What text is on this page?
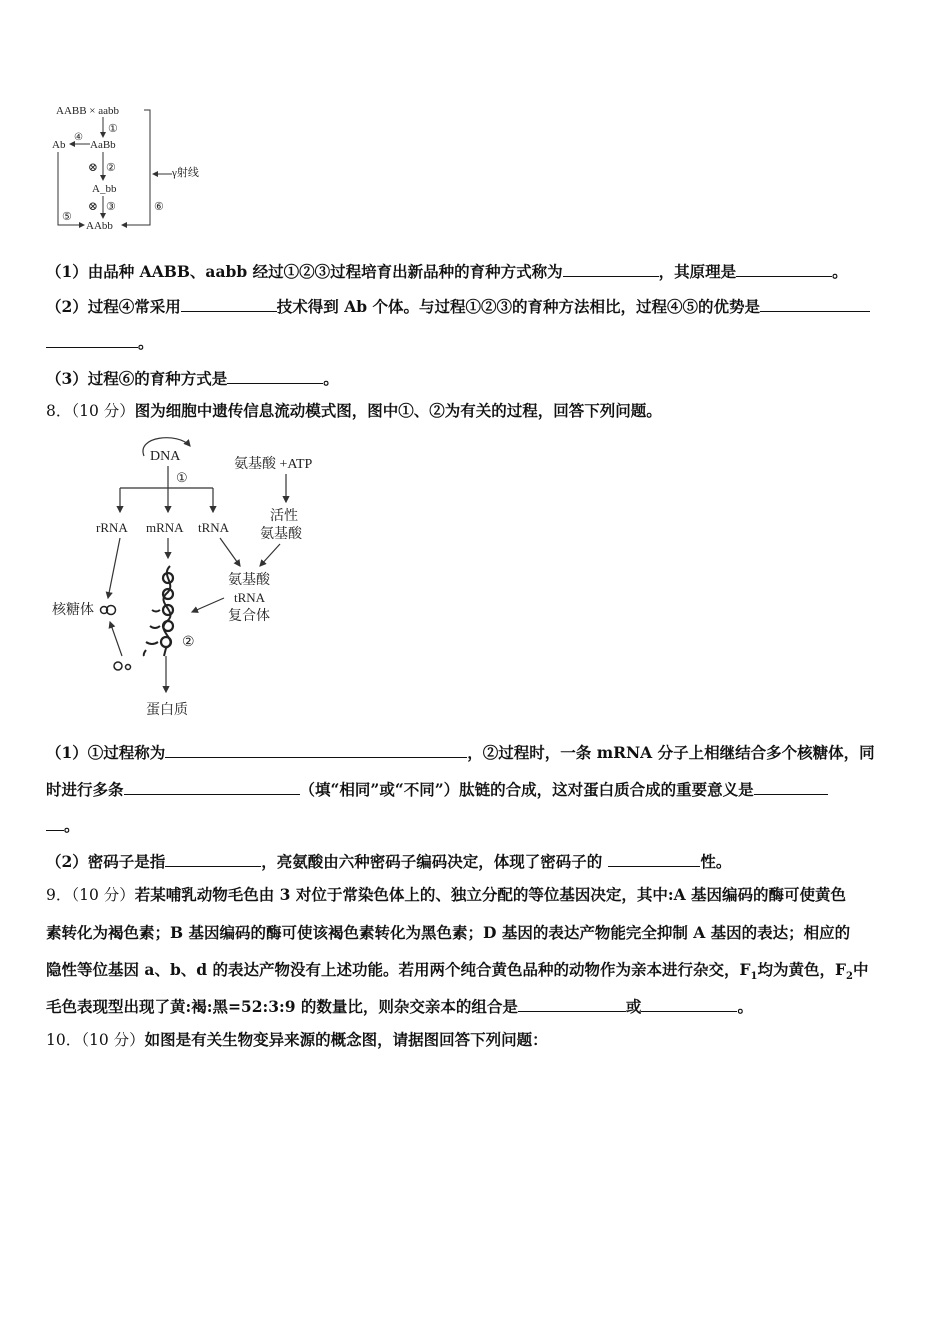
AABB × aabb
①
AaBb
④
Ab
⊗ ②
A_bb
⊗ ③
AAbb
⑤
⑥
γ射线
（1）由品种 AABB、aabb 经过①②③过程培育出新品种的育种方式称为	，其原理是	。
（2）过程④常采用	技术得到 Ab 个体。与过程①②③的育种方法相比，过程④⑤的优势是
。
（3）过程⑥的育种方式是	。
8．（10 分）图为细胞中遗传信息流动模式图，图中①、②为有关的过程，回答下列问题。
DNA
①
rRNA mRNA tRNA
氨基酸 +ATP
活性
氨基酸
氨基酸
tRNA
复合体
②
核糖体
蛋白质
（1）①过程称为	，②过程时，一条 mRNA 分子上相继结合多个核糖体，同
时进行多条	（填“相同”或“不同”）肽链的合成，这对蛋白质合成的重要意义是
。
（2）密码子是指	，亮氨酸由六种密码子编码决定，体现了密码子的	性。
9．（10 分）若某哺乳动物毛色由 3 对位于常染色体上的、独立分配的等位基因决定，其中:A 基因编码的酶可使黄色
素转化为褐色素；B 基因编码的酶可使该褐色素转化为黑色素；D 基因的表达产物能完全抑制 A 基因的表达；相应的
隐性等位基因 a、b、d 的表达产物没有上述功能。若用两个纯合黄色品种的动物作为亲本进行杂交，$F_1$均为黄色，$F_2$中
毛色表现型出现了黄:褐:黑=52:3:9 的数量比，则杂交亲本的组合是	或	。
10．（10 分）如图是有关生物变异来源的概念图，请据图回答下列问题：
